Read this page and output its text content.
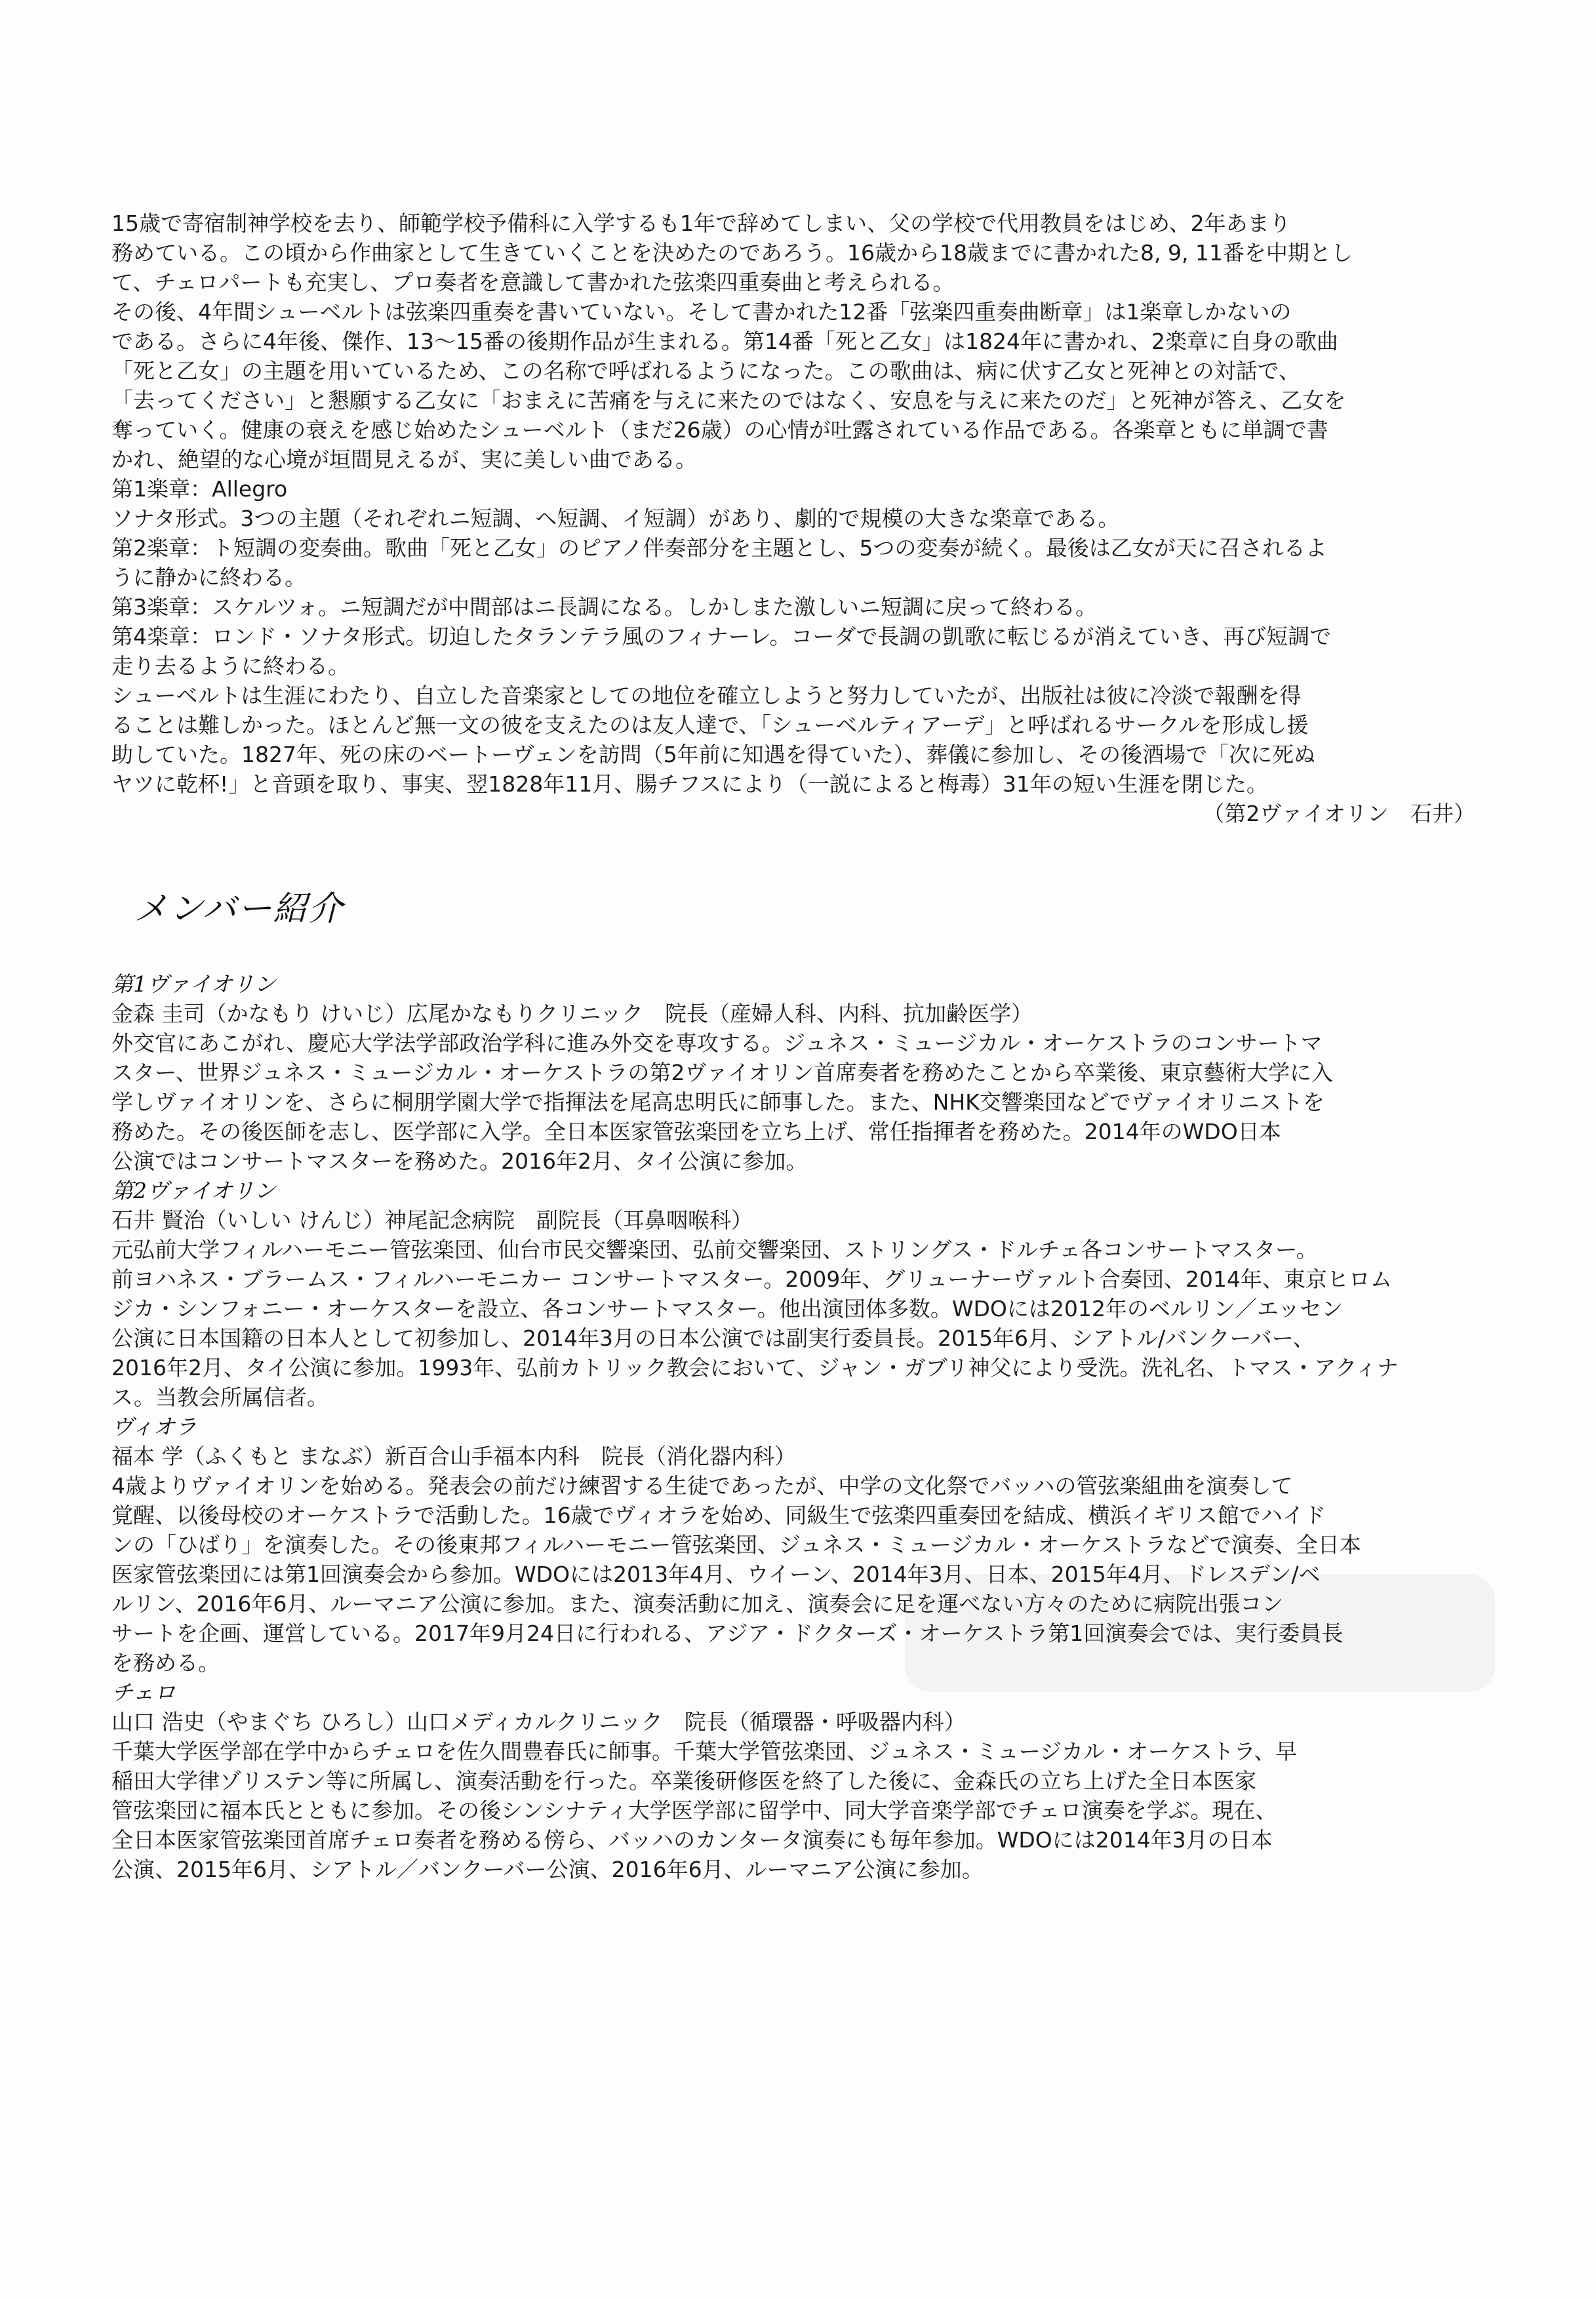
15歳で寄宿制神学校を去り、師範学校予備科に入学するも1年で辞めてしまい、父の学校で代用教員をはじめ、2年あまり
務めている。この頃から作曲家として生きていくことを決めたのであろう。16歳から18歳までに書かれた8, 9, 11番を中期とし
て、チェロパートも充実し、プロ奏者を意識して書かれた弦楽四重奏曲と考えられる。
その後、4年間シューベルトは弦楽四重奏を書いていない。そして書かれた12番「弦楽四重奏曲断章」は1楽章しかないの
である。さらに4年後、傑作、13～15番の後期作品が生まれる。第14番「死と乙女」は1824年に書かれ、2楽章に自身の歌曲
「死と乙女」の主題を用いているため、この名称で呼ばれるようになった。この歌曲は、病に伏す乙女と死神との対話で、
「去ってください」と懇願する乙女に「おまえに苦痛を与えに来たのではなく、安息を与えに来たのだ」と死神が答え、乙女を
奪っていく。健康の衰えを感じ始めたシューベルト（まだ26歳）の心情が吐露されている作品である。各楽章ともに単調で書
かれ、絶望的な心境が垣間見えるが、実に美しい曲である。
第1楽章：Allegro
ソナタ形式。3つの主題（それぞれニ短調、ヘ短調、イ短調）があり、劇的で規模の大きな楽章である。
第2楽章：ト短調の変奏曲。歌曲「死と乙女」のピアノ伴奏部分を主題とし、5つの変奏が続く。最後は乙女が天に召されるよ
うに静かに終わる。
第3楽章：スケルツォ。ニ短調だが中間部はニ長調になる。しかしまた激しいニ短調に戻って終わる。
第4楽章：ロンド・ソナタ形式。切迫したタランテラ風のフィナーレ。コーダで長調の凱歌に転じるが消えていき、再び短調で
走り去るように終わる。
シューベルトは生涯にわたり、自立した音楽家としての地位を確立しようと努力していたが、出版社は彼に冷淡で報酬を得
ることは難しかった。ほとんど無一文の彼を支えたのは友人達で、「シューベルティアーデ」と呼ばれるサークルを形成し援
助していた。1827年、死の床のベートーヴェンを訪問（5年前に知遇を得ていた）、葬儀に参加し、その後酒場で「次に死ぬ
ヤツに乾杯!」と音頭を取り、事実、翌1828年11月、腸チフスにより（一説によると梅毒）31年の短い生涯を閉じた。
（第2ヴァイオリン　石井）
メンバー紹介
第1ヴァイオリン
金森 圭司（かなもり けいじ）広尾かなもりクリニック　院長（産婦人科、内科、抗加齢医学）
外交官にあこがれ、慶応大学法学部政治学科に進み外交を専攻する。ジュネス・ミュージカル・オーケストラのコンサートマ
スター、世界ジュネス・ミュージカル・オーケストラの第2ヴァイオリン首席奏者を務めたことから卒業後、東京藝術大学に入
学しヴァイオリンを、さらに桐朋学園大学で指揮法を尾高忠明氏に師事した。また、NHK交響楽団などでヴァイオリニストを
務めた。その後医師を志し、医学部に入学。全日本医家管弦楽団を立ち上げ、常任指揮者を務めた。2014年のWDO日本
公演ではコンサートマスターを務めた。2016年2月、タイ公演に参加。
第2ヴァイオリン
石井 賢治（いしい けんじ）神尾記念病院　副院長（耳鼻咽喉科）
元弘前大学フィルハーモニー管弦楽団、仙台市民交響楽団、弘前交響楽団、ストリングス・ドルチェ各コンサートマスター。
前ヨハネス・ブラームス・フィルハーモニカー コンサートマスター。2009年、グリューナーヴァルト合奏団、2014年、東京ヒロム
ジカ・シンフォニー・オーケスターを設立、各コンサートマスター。他出演団体多数。WDOには2012年のベルリン／エッセン
公演に日本国籍の日本人として初参加し、2014年3月の日本公演では副実行委員長。2015年6月、シアトル/バンクーバー、
2016年2月、タイ公演に参加。1993年、弘前カトリック教会において、ジャン・ガブリ神父により受洗。洗礼名、トマス・アクィナ
ス。当教会所属信者。
ヴィオラ
福本 学（ふくもと まなぶ）新百合山手福本内科　院長（消化器内科）
4歳よりヴァイオリンを始める。発表会の前だけ練習する生徒であったが、中学の文化祭でバッハの管弦楽組曲を演奏して
覚醒、以後母校のオーケストラで活動した。16歳でヴィオラを始め、同級生で弦楽四重奏団を結成、横浜イギリス館でハイド
ンの「ひばり」を演奏した。その後東邦フィルハーモニー管弦楽団、ジュネス・ミュージカル・オーケストラなどで演奏、全日本
医家管弦楽団には第1回演奏会から参加。WDOには2013年4月、ウイーン、2014年3月、日本、2015年4月、ドレスデン/ベ
ルリン、2016年6月、ルーマニア公演に参加。また、演奏活動に加え、演奏会に足を運べない方々のために病院出張コン
サートを企画、運営している。2017年9月24日に行われる、アジア・ドクターズ・オーケストラ第1回演奏会では、実行委員長
を務める。
チェロ
山口 浩史（やまぐち ひろし）山口メディカルクリニック　院長（循環器・呼吸器内科）
千葉大学医学部在学中からチェロを佐久間豊春氏に師事。千葉大学管弦楽団、ジュネス・ミュージカル・オーケストラ、早
稲田大学律ゾリステン等に所属し、演奏活動を行った。卒業後研修医を終了した後に、金森氏の立ち上げた全日本医家
管弦楽団に福本氏とともに参加。その後シンシナティ大学医学部に留学中、同大学音楽学部でチェロ演奏を学ぶ。現在、
全日本医家管弦楽団首席チェロ奏者を務める傍ら、バッハのカンタータ演奏にも毎年参加。WDOには2014年3月の日本
公演、2015年6月、シアトル／バンクーバー公演、2016年6月、ルーマニア公演に参加。
